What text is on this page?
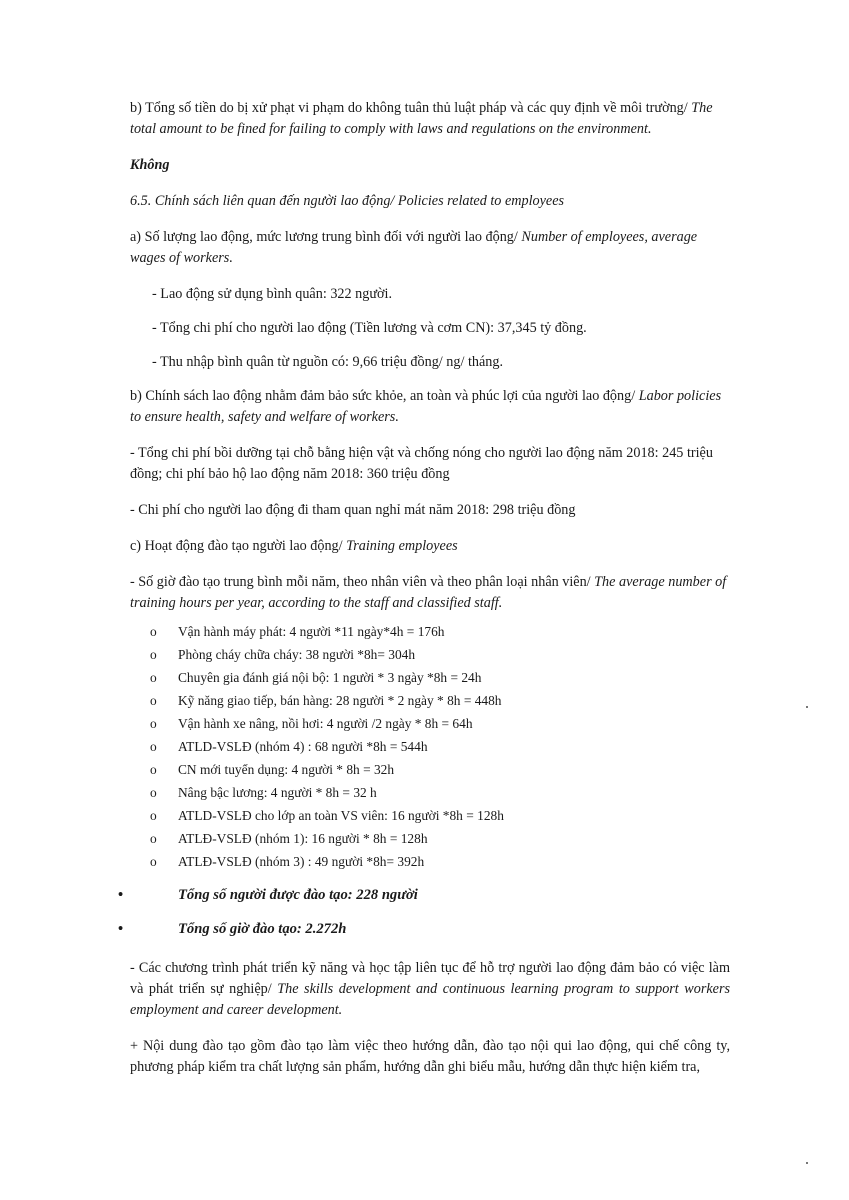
b) Tổng số tiền do bị xử phạt vi phạm do không tuân thủ luật pháp và các quy định về môi trường/ The total amount to be fined for failing to comply with laws and regulations on the environment.

Không

6.5. Chính sách liên quan đến người lao động/ Policies related to employees

a) Số lượng lao động, mức lương trung bình đối với người lao động/ Number of employees, average wages of workers.

- Lao động sử dụng bình quân: 322 người.

- Tổng chi phí cho người lao động (Tiền lương và cơm CN): 37,345 tỷ đồng.

- Thu nhập bình quân từ nguồn có: 9,66 triệu đồng/ ng/ tháng.

b) Chính sách lao động nhằm đảm bảo sức khỏe, an toàn và phúc lợi của người lao động/ Labor policies to ensure health, safety and welfare of workers.

- Tổng chi phí bồi dưỡng tại chỗ bằng hiện vật và chống nóng cho người lao động năm 2018: 245 triệu đồng; chi phí bảo hộ lao động năm 2018: 360 triệu đồng

- Chi phí cho người lao động đi tham quan nghỉ mát năm 2018: 298 triệu đồng

c) Hoạt động đào tạo người lao động/ Training employees

- Số giờ đào tạo trung bình mỗi năm, theo nhân viên và theo phân loại nhân viên/ The average number of training hours per year, according to the staff and classified staff.

o Vận hành máy phát: 4 người *11 ngày*4h = 176h
o Phòng cháy chữa cháy: 38 người *8h= 304h
o Chuyên gia đánh giá nội bộ: 1 người * 3 ngày *8h = 24h
o Kỹ năng giao tiếp, bán hàng: 28 người * 2 ngày * 8h = 448h
o Vận hành xe nâng, nồi hơi: 4 người /2 ngày * 8h = 64h
o ATLD-VSLĐ (nhóm 4) : 68 người *8h = 544h
o CN mới tuyển dụng: 4 người * 8h = 32h
o Nâng bậc lương: 4 người * 8h = 32 h
o ATLD-VSLĐ cho lớp an toàn VS viên: 16 người *8h = 128h
o ATLĐ-VSLĐ (nhóm 1): 16 người * 8h = 128h
o ATLĐ-VSLĐ (nhóm 3) : 49 người *8h= 392h
•	Tổng số người được đào tạo: 228 người
•	Tổng số giờ đào tạo: 2.272h

- Các chương trình phát triển kỹ năng và học tập liên tục để hỗ trợ người lao động đảm bảo có việc làm và phát triển sự nghiệp/ The skills development and continuous learning program to support workers employment and career development.

+ Nội dung đào tạo gồm đào tạo làm việc theo hướng dẫn, đào tạo nội qui lao động, qui chế công ty, phương pháp kiểm tra chất lượng sản phẩm, hướng dẫn ghi biểu mẫu, hướng dẫn thực hiện kiểm tra,
